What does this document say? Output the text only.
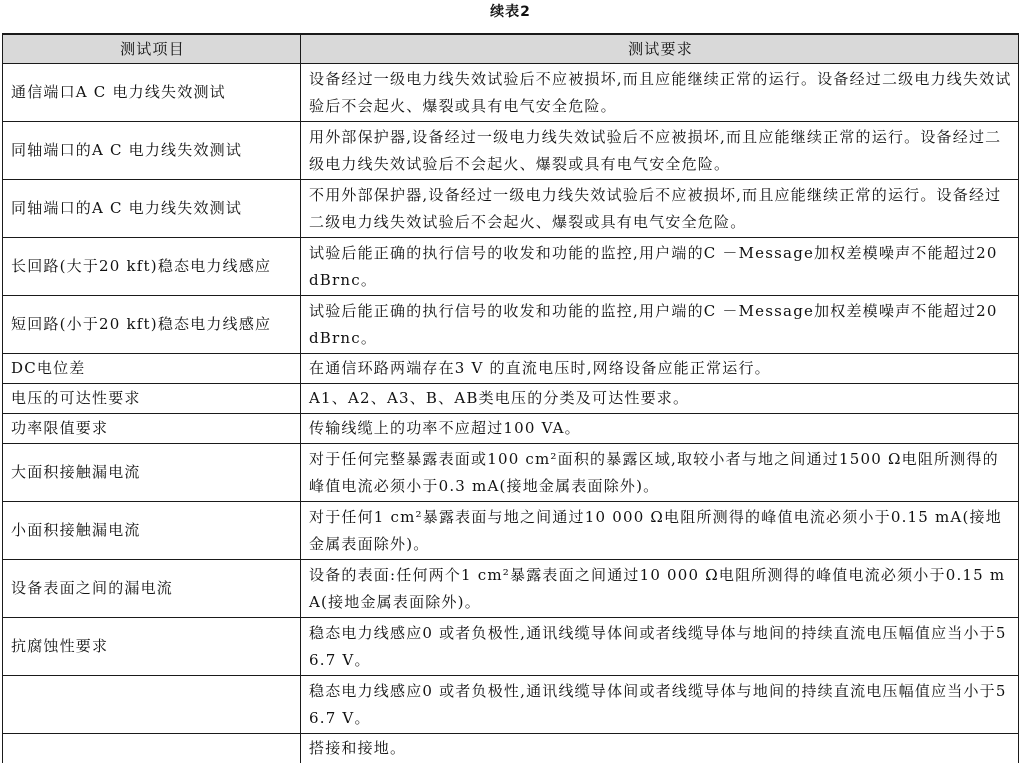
续表2
测试项目	测试要求
通信端口A C 电力线失效测试	设备经过一级电力线失效试验后不应被损坏,而且应能继续正常的运行。设备经过二级电力线失效试验后不会起火、爆裂或具有电气安全危险。
同轴端口的A C 电力线失效测试	用外部保护器,设备经过一级电力线失效试验后不应被损坏,而且应能继续正常的运行。设备经过二级电力线失效试验后不会起火、爆裂或具有电气安全危险。
同轴端口的A C 电力线失效测试	不用外部保护器,设备经过一级电力线失效试验后不应被损坏,而且应能继续正常的运行。设备经过二级电力线失效试验后不会起火、爆裂或具有电气安全危险。
长回路(大于20 kft)稳态电力线感应	试验后能正确的执行信号的收发和功能的监控,用户端的C －Message加权差模噪声不能超过20 dBrnc。
短回路(小于20 kft)稳态电力线感应	试验后能正确的执行信号的收发和功能的监控,用户端的C －Message加权差模噪声不能超过20 dBrnc。
DC电位差	在通信环路两端存在3 V 的直流电压时,网络设备应能正常运行。
电压的可达性要求	A1、A2、A3、B、AB类电压的分类及可达性要求。
功率限值要求	传输线缆上的功率不应超过100 VA。
大面积接触漏电流	对于任何完整暴露表面或100 cm²面积的暴露区域,取较小者与地之间通过1500 Ω电阻所测得的峰值电流必须小于0.3 mA(接地金属表面除外)。
小面积接触漏电流	对于任何1 cm²暴露表面与地之间通过10 000 Ω电阻所测得的峰值电流必须小于0.15 mA(接地金属表面除外)。
设备表面之间的漏电流	设备的表面:任何两个1 cm²暴露表面之间通过10 000 Ω电阻所测得的峰值电流必须小于0.15 mA(接地金属表面除外)。
抗腐蚀性要求	稳态电力线感应0 或者负极性,通讯线缆导体间或者线缆导体与地间的持续直流电压幅值应当小于56.7 V。
	稳态电力线感应0 或者负极性,通讯线缆导体间或者线缆导体与地间的持续直流电压幅值应当小于56.7 V。
	搭接和接地。
